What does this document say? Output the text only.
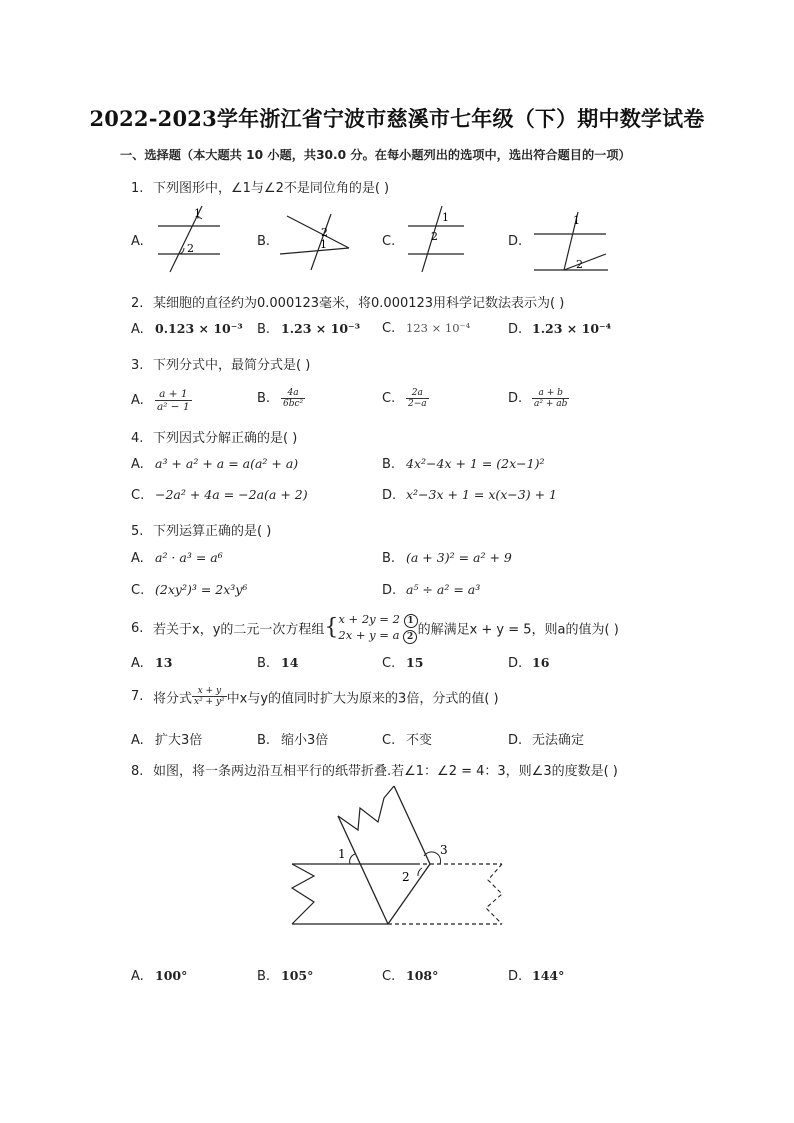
2022-2023学年浙江省宁波市慈溪市七年级（下）期中数学试卷
一、选择题（本大题共 10 小题，共30.0 分。在每小题列出的选项中，选出符合题目的一项）
1. 下列图形中，∠1与∠2不是同位角的是( )
A.
1
2	B.
2
1	C.
1
2	D.
1
2
2. 某细胞的直径约为0.000123毫米，将0.000123用科学记数法表示为( )
A. 0.123 × 10⁻³ B. 1.23 × 10⁻³ C. 123 × 10⁻⁴	D. 1.23 × 10⁻⁴
3. 下列分式中，最简分式是( )
A. $\frac{a + 1}{\text{a² − 1}}$	B. $\frac{4a}{\text{6bc²}}$	C. $\frac{2a}{2-a}$	D. $\frac{a + b}{\text{a² + ab}}$
4. 下列因式分解正确的是( )
A. a³ + a² + a = a(a² + a)	B. 4x²−4x + 1 = (2x−1)²
C. −2a² + 4a = −2a(a + 2)	D. x²−3x + 1 = x(x−3) + 1
5. 下列运算正确的是( )
A. a² · a³ = a⁶	B. (a + 3)² = a² + 9
C. (2xy²)³ = 2x³y⁶	D. a⁵ ÷ a² = a³
6. 若关于x，y的二元一次方程组{ x + 2y = 2 1
2x + y = a 2 的解满足x + y = 5，则a的值为( )
A. 13	B. 14	C. 15	D. 16
7. 将分式 $\frac{x + y}{\text{x² + y²}}$ 中x与y的值同时扩大为原来的3倍，分式的值( )
A. 扩大3倍	B. 缩小3倍	C. 不变	D. 无法确定
8. 如图，将一条两边沿互相平行的纸带折叠.若∠1：∠2 = 4：3，则∠3的度数是( )
1
2
3
A. 100°	B. 105°	C. 108°	D. 144°
